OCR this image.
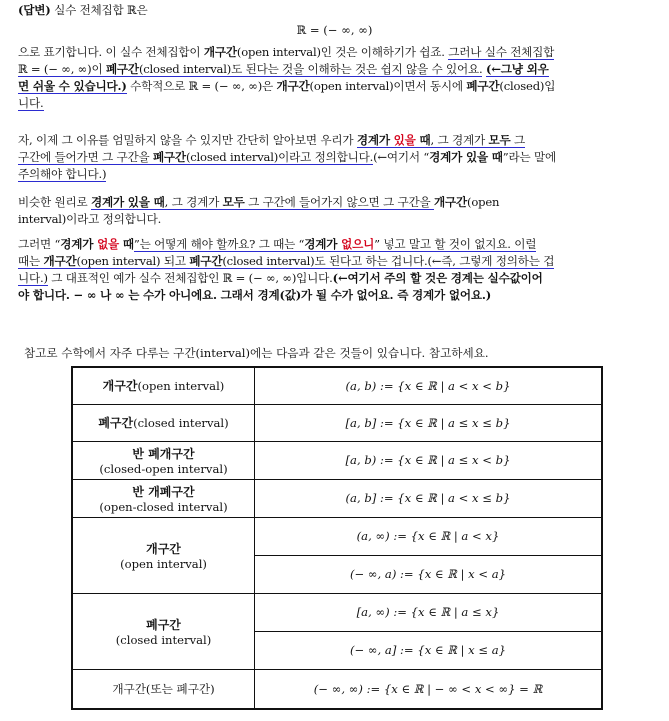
(답변) 실수 전체집합 ℝ은
ℝ = (− ∞, ∞)
으로 표기합니다. 이 실수 전체집합이 개구간(open interval)인 것은 이해하기가 쉽죠. 그러나 실수 전체집합
ℝ = (− ∞, ∞)이 폐구간(closed interval)도 된다는 것을 이해하는 것은 쉽지 않을 수 있어요. (←그냥 외우
면 쉬울 수 있습니다.) 수학적으로 ℝ = (− ∞, ∞)은 개구간(open interval)이면서 동시에 폐구간(closed)입
니다.
자, 이제 그 이유를 엄밀하지 않을 수 있지만 간단히 알아보면 우리가 경계가 있을 때, 그 경계가 모두 그
구간에 들어가면 그 구간을 폐구간(closed interval)이라고 정의합니다.(←여기서 “경계가 있을 때”라는 말에
주의해야 합니다.)
비슷한 원리로 경계가 있을 때, 그 경계가 모두 그 구간에 들어가지 않으면 그 구간을 개구간(open
interval)이라고 정의합니다.
그러면 “경계가 없을 때”는 어떻게 해야 할까요? 그 때는 “경계가 없으니” 넣고 말고 할 것이 없지요. 이럴
때는 개구간(open interval) 되고 폐구간(closed interval)도 된다고 하는 겁니다.(←즉, 그렇게 정의하는 겁
니다.) 그 대표적인 예가 실수 전체집합인 ℝ = (− ∞, ∞)입니다.(←여기서 주의 할 것은 경계는 실수값이어
야 합니다. − ∞ 나 ∞ 는 수가 아니에요. 그래서 경계(값)가 될 수가 없어요. 즉 경계가 없어요.)
참고로 수학에서 자주 다루는 구간(interval)에는 다음과 같은 것들이 있습니다. 참고하세요.
개구간(open interval)	(a, b) := {x ∈ ℝ | a < x < b}
폐구간(closed interval)	[a, b] := {x ∈ ℝ | a ≤ x ≤ b}

반 폐개구간
(closed-open interval)	[a, b) := {x ∈ ℝ | a ≤ x < b}

반 개폐구간
(open-closed interval)	(a, b] := {x ∈ ℝ | a < x ≤ b}

개구간
(open interval)	(a, ∞) := {x ∈ ℝ | a < x}
	(− ∞, a) := {x ∈ ℝ | x < a}

폐구간
(closed interval)	[a, ∞) := {x ∈ ℝ | a ≤ x}
	(− ∞, a] := {x ∈ ℝ | x ≤ a}
개구간(또는 폐구간)	(− ∞, ∞) := {x ∈ ℝ | − ∞ < x < ∞} = ℝ
